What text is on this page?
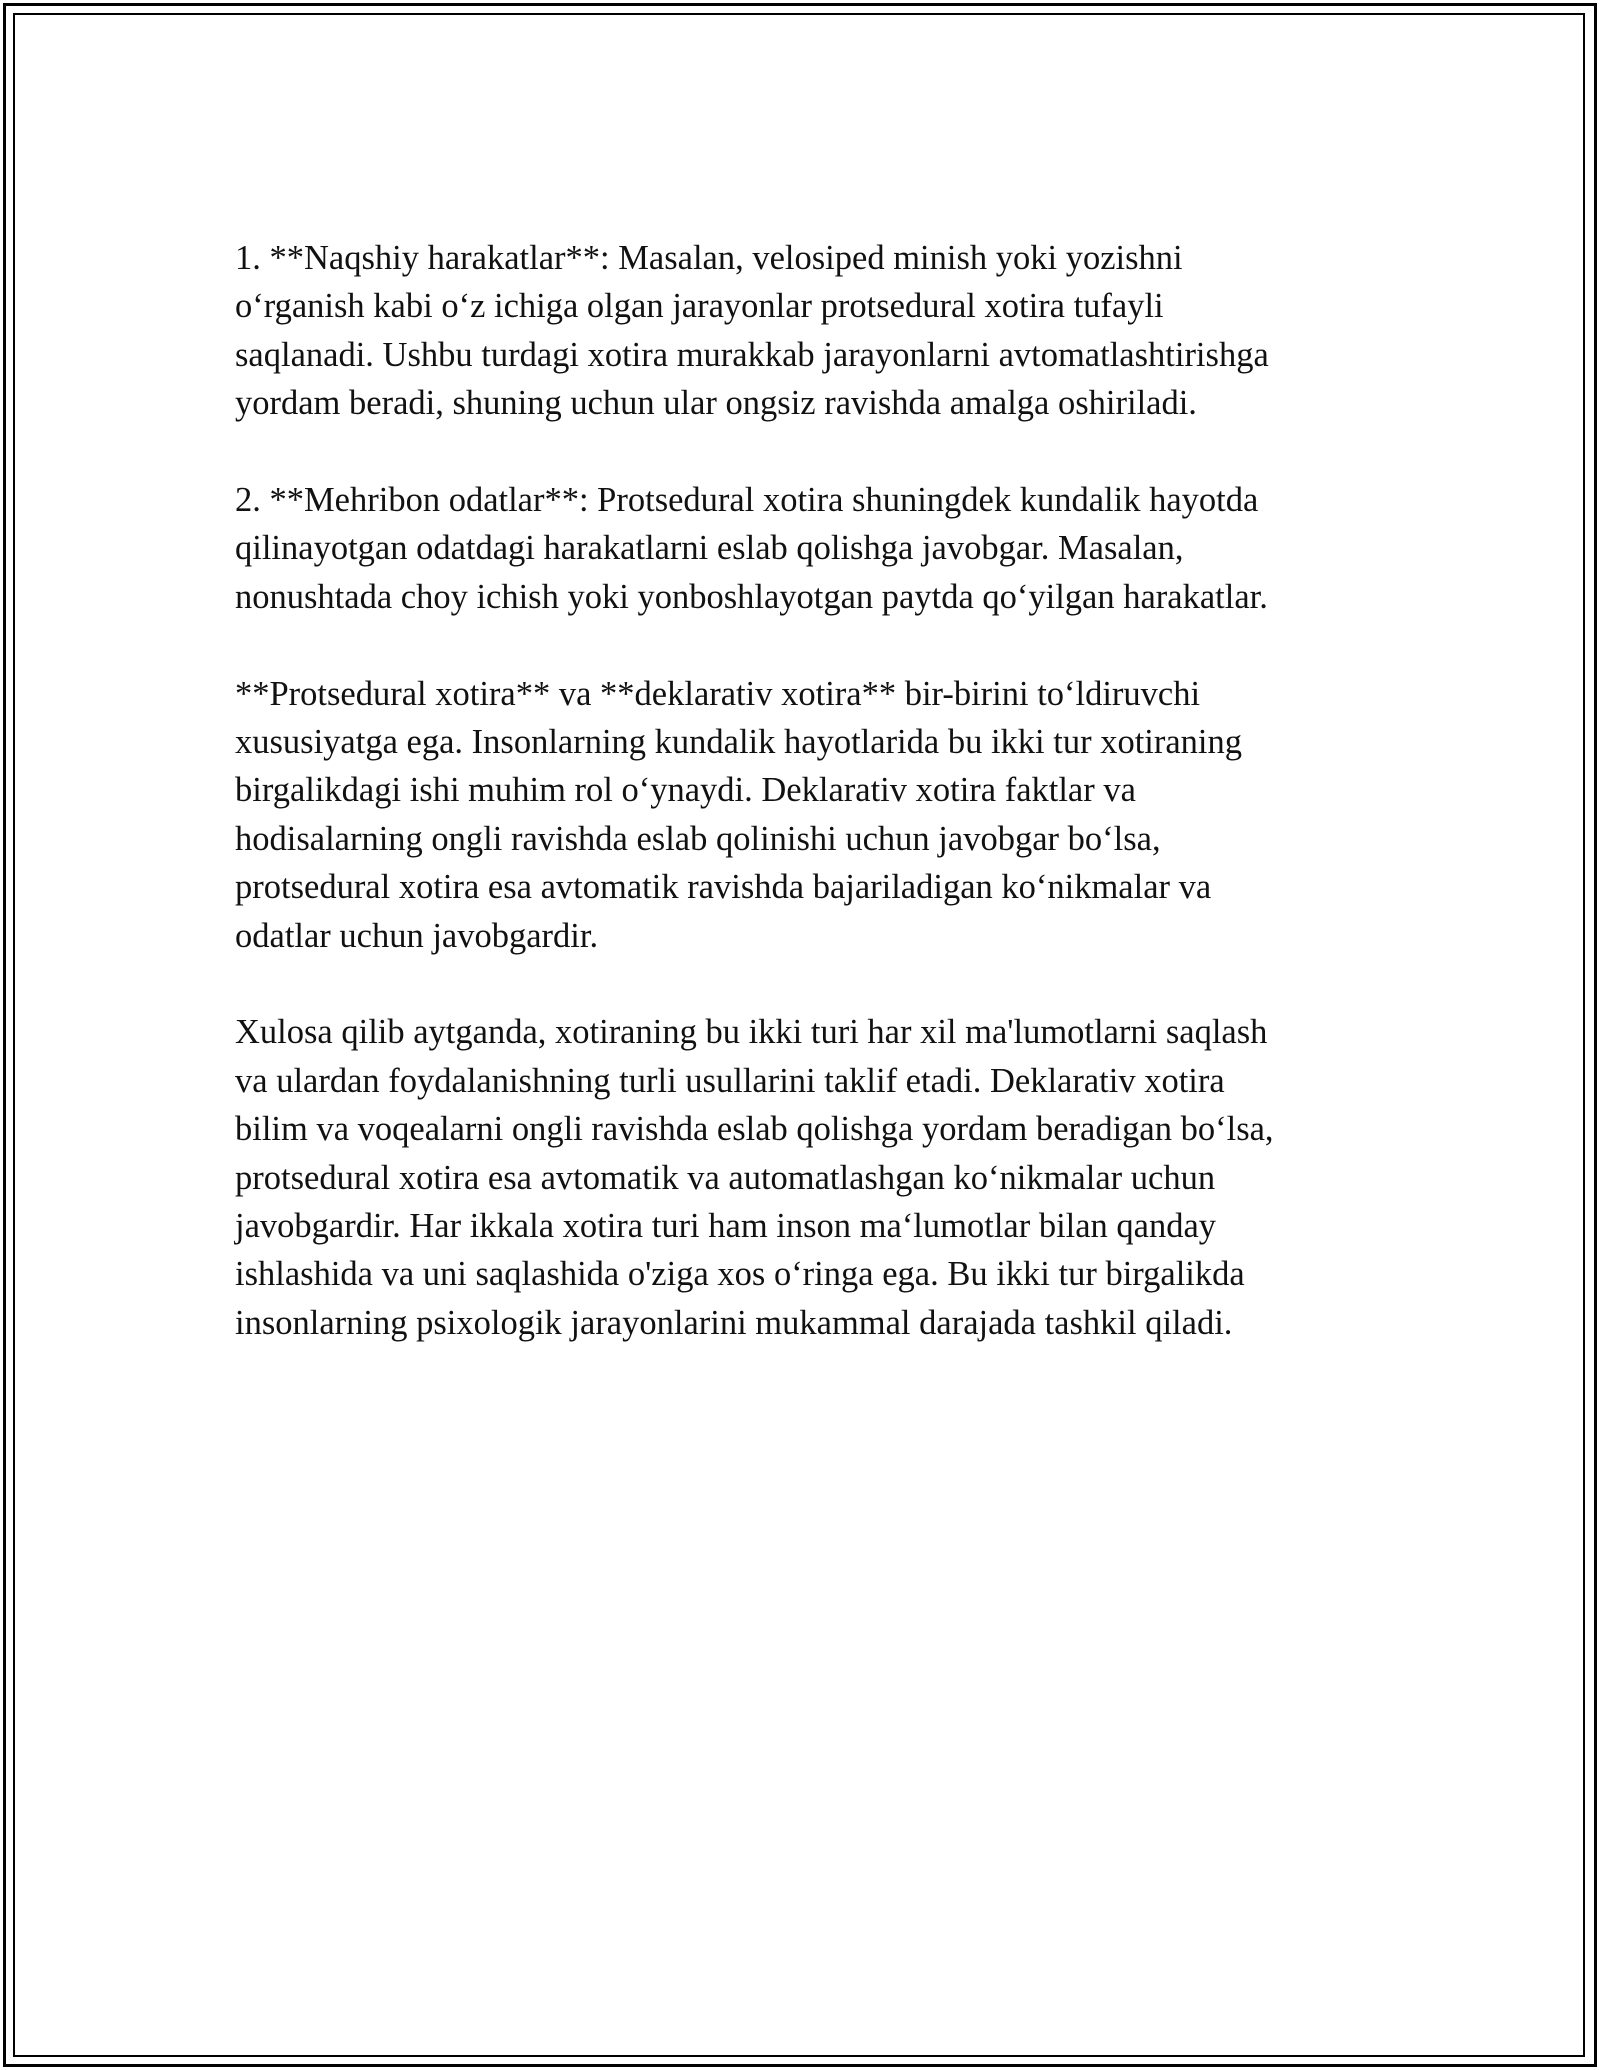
1. **Naqshiy harakatlar**: Masalan, velosiped minish yoki yozishni
o‘rganish kabi o‘z ichiga olgan jarayonlar protsedural xotira tufayli
saqlanadi. Ushbu turdagi xotira murakkab jarayonlarni avtomatlashtirishga
yordam beradi, shuning uchun ular ongsiz ravishda amalga oshiriladi.

2. **Mehribon odatlar**: Protsedural xotira shuningdek kundalik hayotda
qilinayotgan odatdagi harakatlarni eslab qolishga javobgar. Masalan,
nonushtada choy ichish yoki yonboshlayotgan paytda qo‘yilgan harakatlar.

**Protsedural xotira** va **deklarativ xotira** bir-birini to‘ldiruvchi
xususiyatga ega. Insonlarning kundalik hayotlarida bu ikki tur xotiraning
birgalikdagi ishi muhim rol o‘ynaydi. Deklarativ xotira faktlar va
hodisalarning ongli ravishda eslab qolinishi uchun javobgar bo‘lsa,
protsedural xotira esa avtomatik ravishda bajariladigan ko‘nikmalar va
odatlar uchun javobgardir.

Xulosa qilib aytganda, xotiraning bu ikki turi har xil ma'lumotlarni saqlash
va ulardan foydalanishning turli usullarini taklif etadi. Deklarativ xotira
bilim va voqealarni ongli ravishda eslab qolishga yordam beradigan bo‘lsa,
protsedural xotira esa avtomatik va automatlashgan ko‘nikmalar uchun
javobgardir. Har ikkala xotira turi ham inson ma‘lumotlar bilan qanday
ishlashida va uni saqlashida o'ziga xos o‘ringa ega. Bu ikki tur birgalikda
insonlarning psixologik jarayonlarini mukammal darajada tashkil qiladi.
